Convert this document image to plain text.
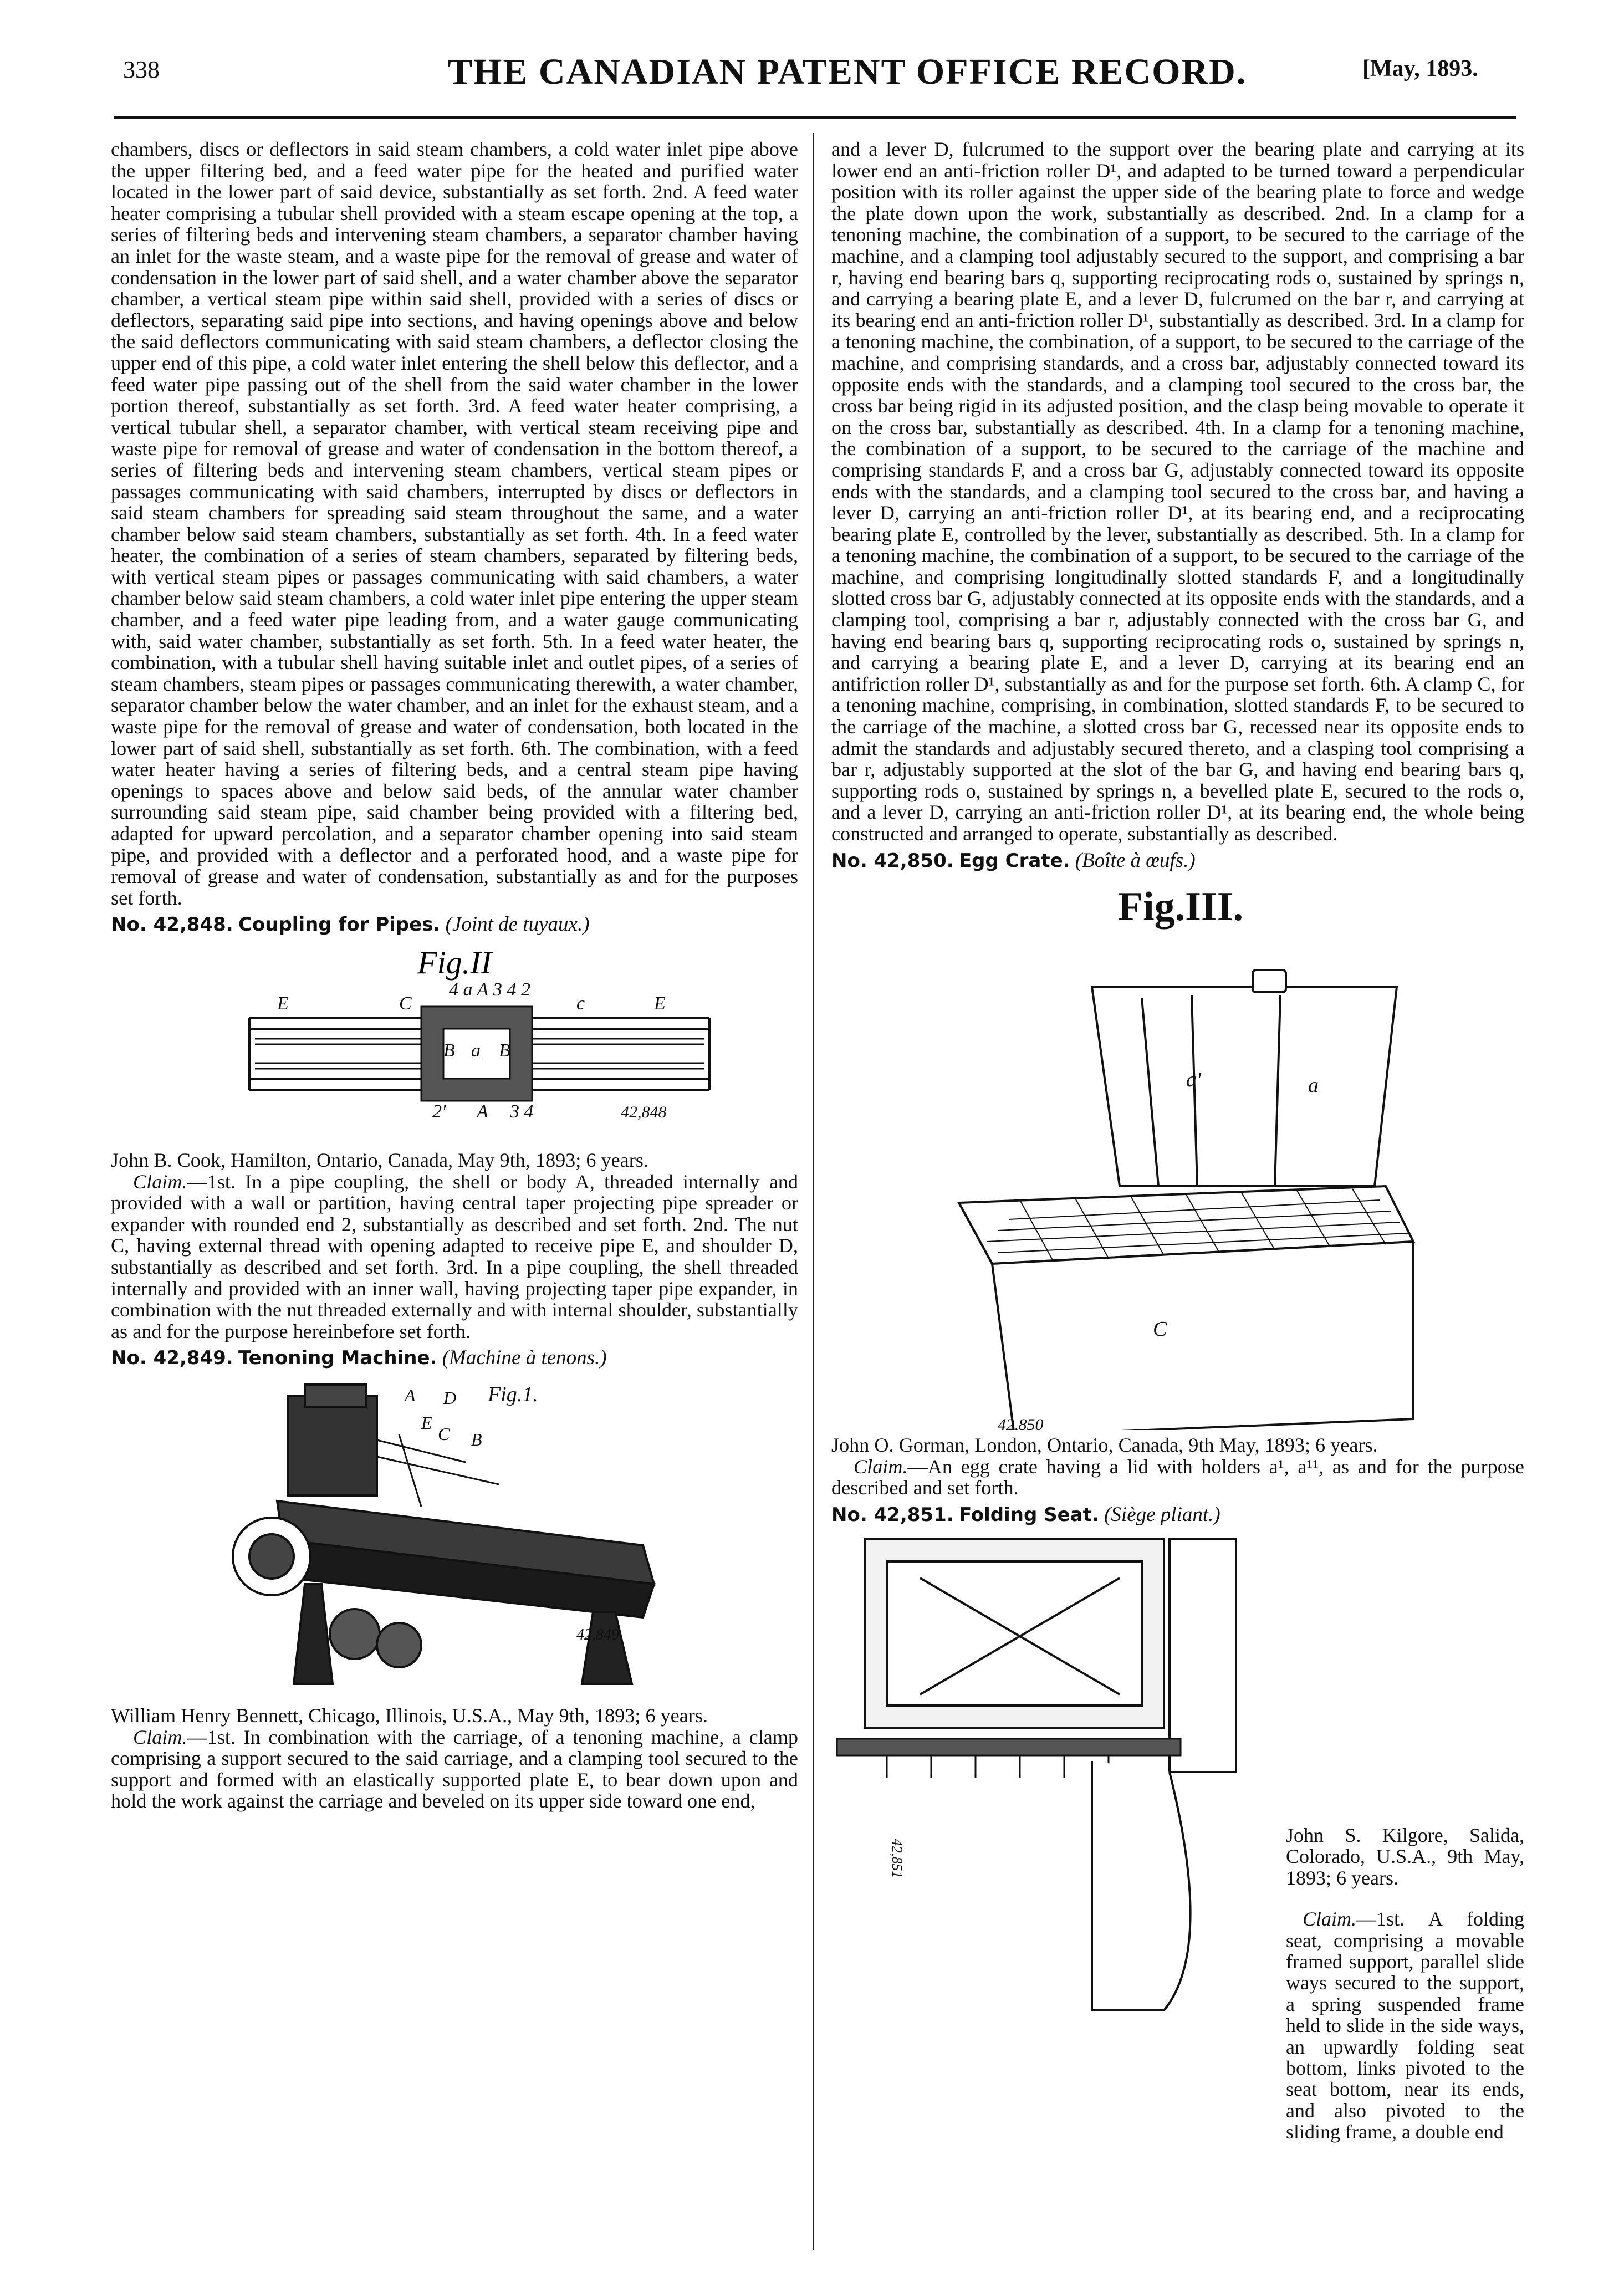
338	THE CANADIAN PATENT OFFICE RECORD.	[May, 1893.

chambers, discs or deflectors in said steam chambers, a cold water inlet pipe above the upper filtering bed, and a feed water pipe for the heated and purified water located in the lower part of said device, substantially as set forth. 2nd. A feed water heater comprising a tubular shell provided with a steam escape opening at the top, a series of filtering beds and intervening steam chambers, a separator chamber having an inlet for the waste steam, and a waste pipe for the removal of grease and water of condensation in the lower part of said shell, and a water chamber above the separator chamber, a vertical steam pipe within said shell, provided with a series of discs or deflectors, separating said pipe into sections, and having openings above and below the said deflectors communicating with said steam chambers, a deflector closing the upper end of this pipe, a cold water inlet entering the shell below this deflector, and a feed water pipe passing out of the shell from the said water chamber in the lower portion thereof, substantially as set forth. 3rd. A feed water heater comprising, a vertical tubular shell, a separator chamber, with vertical steam receiving pipe and waste pipe for removal of grease and water of condensation in the bottom thereof, a series of filtering beds and intervening steam chambers, vertical steam pipes or passages communicating with said chambers, interrupted by discs or deflectors in said steam chambers for spreading said steam throughout the same, and a water chamber below said steam chambers, substantially as set forth. 4th. In a feed water heater, the combination of a series of steam chambers, separated by filtering beds, with vertical steam pipes or passages communicating with said chambers, a water chamber below said steam chambers, a cold water inlet pipe entering the upper steam chamber, and a feed water pipe leading from, and a water gauge communicating with, said water chamber, substantially as set forth. 5th. In a feed water heater, the combination, with a tubular shell having suitable inlet and outlet pipes, of a series of steam chambers, steam pipes or passages communicating therewith, a water chamber, separator chamber below the water chamber, and an inlet for the exhaust steam, and a waste pipe for the removal of grease and water of condensation, both located in the lower part of said shell, substantially as set forth. 6th. The combination, with a feed water heater having a series of filtering beds, and a central steam pipe having openings to spaces above and below said beds, of the annular water chamber surrounding said steam pipe, said chamber being provided with a filtering bed, adapted for upward percolation, and a separator chamber opening into said steam pipe, and provided with a deflector and a perforated hood, and a waste pipe for removal of grease and water of condensation, substantially as and for the purposes set forth.

No. 42,848. Coupling for Pipes. (Joint de tuyaux.)
Fig.II
E	C
4 a A 3 4 2
c	E
B a B
2' A 3 4	42,848

John B. Cook, Hamilton, Ontario, Canada, May 9th, 1893; 6 years.

Claim.—1st. In a pipe coupling, the shell or body A, threaded internally and provided with a wall or partition, having central taper projecting pipe spreader or expander with rounded end 2, substantially as described and set forth. 2nd. The nut C, having external thread with opening adapted to receive pipe E, and shoulder D, substantially as described and set forth. 3rd. In a pipe coupling, the shell threaded internally and provided with an inner wall, having projecting taper pipe expander, in combination with the nut threaded externally and with internal shoulder, substantially as and for the purpose hereinbefore set forth.

No. 42,849. Tenoning Machine. (Machine à tenons.)
A D
E
C B
Fig.1.
42,849

William Henry Bennett, Chicago, Illinois, U.S.A., May 9th, 1893; 6 years.

Claim.—1st. In combination with the carriage, of a tenoning machine, a clamp comprising a support secured to the said carriage, and a clamping tool secured to the support and formed with an elastically supported plate E, to bear down upon and hold the work against the carriage and beveled on its upper side toward one end,

and a lever D, fulcrumed to the support over the bearing plate and carrying at its lower end an anti-friction roller D¹, and adapted to be turned toward a perpendicular position with its roller against the upper side of the bearing plate to force and wedge the plate down upon the work, substantially as described. 2nd. In a clamp for a tenoning machine, the combination of a support, to be secured to the carriage of the machine, and a clamping tool adjustably secured to the support, and comprising a bar r, having end bearing bars q, supporting reciprocating rods o, sustained by springs n, and carrying a bearing plate E, and a lever D, fulcrumed on the bar r, and carrying at its bearing end an anti-friction roller D¹, substantially as described. 3rd. In a clamp for a tenoning machine, the combination, of a support, to be secured to the carriage of the machine, and comprising standards, and a cross bar, adjustably connected toward its opposite ends with the standards, and a clamping tool secured to the cross bar, the cross bar being rigid in its adjusted position, and the clasp being movable to operate it on the cross bar, substantially as described. 4th. In a clamp for a tenoning machine, the combination of a support, to be secured to the carriage of the machine and comprising standards F, and a cross bar G, adjustably connected toward its opposite ends with the standards, and a clamping tool secured to the cross bar, and having a lever D, carrying an anti-friction roller D¹, at its bearing end, and a reciprocating bearing plate E, controlled by the lever, substantially as described. 5th. In a clamp for a tenoning machine, the combination of a support, to be secured to the carriage of the machine, and comprising longitudinally slotted standards F, and a longitudinally slotted cross bar G, adjustably connected at its opposite ends with the standards, and a clamping tool, comprising a bar r, adjustably connected with the cross bar G, and having end bearing bars q, supporting reciprocating rods o, sustained by springs n, and carrying a bearing plate E, and a lever D, carrying at its bearing end an antifriction roller D¹, substantially as and for the purpose set forth. 6th. A clamp C, for a tenoning machine, comprising, in combination, slotted standards F, to be secured to the carriage of the machine, a slotted cross bar G, recessed near its opposite ends to admit the standards and adjustably secured thereto, and a clasping tool comprising a bar r, adjustably supported at the slot of the bar G, and having end bearing bars q, supporting rods o, sustained by springs n, a bevelled plate E, secured to the rods o, and a lever D, carrying an anti-friction roller D¹, at its bearing end, the whole being constructed and arranged to operate, substantially as described.

No. 42,850. Egg Crate. (Boîte à œufs.)
Fig.III.
a'	a
C
42,850

John O. Gorman, London, Ontario, Canada, 9th May, 1893; 6 years.

Claim.—An egg crate having a lid with holders a¹, a¹¹, as and for the purpose described and set forth.

No. 42,851. Folding Seat. (Siège pliant.)
42,851

John S. Kilgore, Salida, Colorado, U.S.A., 9th May, 1893; 6 years.

Claim.—1st. A folding seat, comprising a movable framed support, parallel slide ways secured to the support, a spring suspended frame held to slide in the side ways, an upwardly folding seat bottom, links pivoted to the seat bottom, near its ends, and also pivoted to the sliding frame, a double end
